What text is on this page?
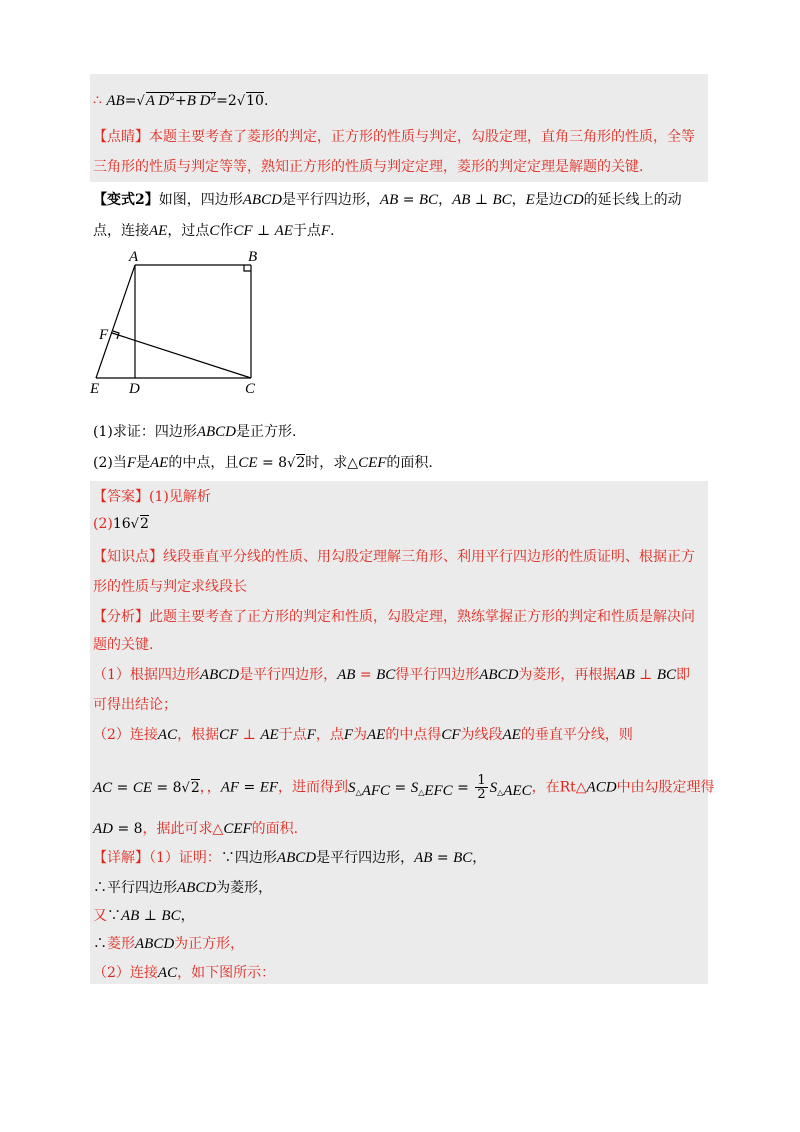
∴ AB=√A $D^2+B$ $D^2=2√10$.
【点睛】本题主要考查了菱形的判定，正方形的性质与判定，勾股定理，直角三角形的性质，全等
三角形的性质与判定等等，熟知正方形的性质与判定定理，菱形的判定定理是解题的关键.
【变式2】如图，四边形ABCD是平行四边形，AB = BC，AB ⊥ BC，E是边CD的延长线上的动
点，连接AE，过点C作CF ⊥ AE于点F.
A	B
C
D
E
F
(1)求证：四边形ABCD是正方形.
(2)当F是AE的中点，且CE = 8√2时，求△CEF的面积.
【答案】(1)见解析
(2)16√2
【知识点】线段垂直平分线的性质、用勾股定理解三角形、利用平行四边形的性质证明、根据正方
形的性质与判定求线段长
【分析】此题主要考查了正方形的判定和性质，勾股定理，熟练掌握正方形的判定和性质是解决问
题的关键.
（1）根据四边形ABCD是平行四边形，AB = BC得平行四边形ABCD为菱形，再根据AB ⊥ BC即
可得出结论；
（2）连接AC，根据CF ⊥ AE于点F，点F为AE的中点得CF为线段AE的垂直平分线，则
AC = CE = 8√2，，AF = EF，进而得到$S_{\triangle AFC} = S_{\triangle EFC} = \frac{1}{2} S_{\triangle AEC}$，在Rt△ACD中由勾股定理得
AD = 8，据此可求△CEF的面积.
【详解】（1）证明：∵四边形ABCD是平行四边形，AB = BC，
∴平行四边形ABCD为菱形，
又∵AB ⊥ BC，
∴菱形ABCD为正方形，
（2）连接AC，如下图所示：
